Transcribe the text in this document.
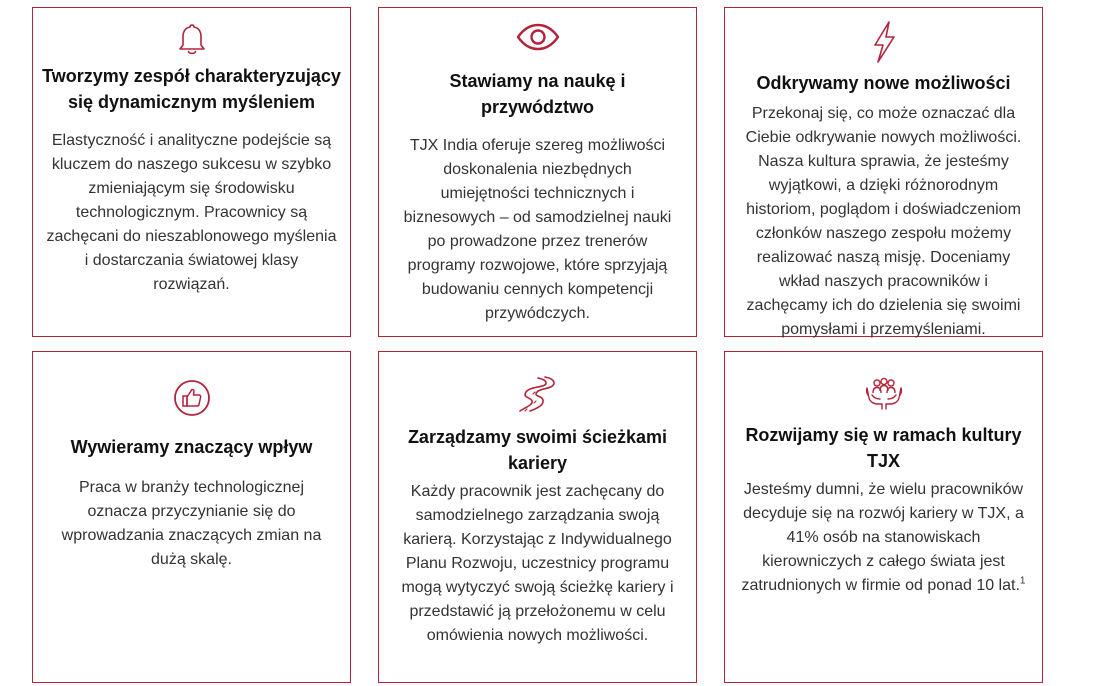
Tworzymy zespół charakteryzujący

się dynamicznym myśleniem

Elastyczność i analityczne podejście są

kluczem do naszego sukcesu w szybko

zmieniającym się środowisku

technologicznym. Pracownicy są

zachęcani do nieszablonowego myślenia

i dostarczania światowej klasy

rozwiązań.

Stawiamy na naukę i

przywództwo

TJX India oferuje szereg możliwości

doskonalenia niezbędnych

umiejętności technicznych i

biznesowych – od samodzielnej nauki

po prowadzone przez trenerów

programy rozwojowe, które sprzyjają

budowaniu cennych kompetencji

przywódczych.

Odkrywamy nowe możliwości

Przekonaj się, co może oznaczać dla

Ciebie odkrywanie nowych możliwości.

Nasza kultura sprawia, że jesteśmy

wyjątkowi, a dzięki różnorodnym

historiom, poglądom i doświadczeniom

członków naszego zespołu możemy

realizować naszą misję. Doceniamy

wkład naszych pracowników i

zachęcamy ich do dzielenia się swoimi

pomysłami i przemyśleniami.

Wywieramy znaczący wpływ

Praca w branży technologicznej

oznacza przyczynianie się do

wprowadzania znaczących zmian na

dużą skalę.

Zarządzamy swoimi ścieżkami

kariery

Każdy pracownik jest zachęcany do

samodzielnego zarządzania swoją

karierą. Korzystając z Indywidualnego

Planu Rozwoju, uczestnicy programu

mogą wytyczyć swoją ścieżkę kariery i

przedstawić ją przełożonemu w celu

omówienia nowych możliwości.

Rozwijamy się w ramach kultury

TJX

Jesteśmy dumni, że wielu pracowników

decyduje się na rozwój kariery w TJX, a

41% osób na stanowiskach

kierowniczych z całego świata jest

zatrudnionych w firmie od ponad 10 lat.$^1$
